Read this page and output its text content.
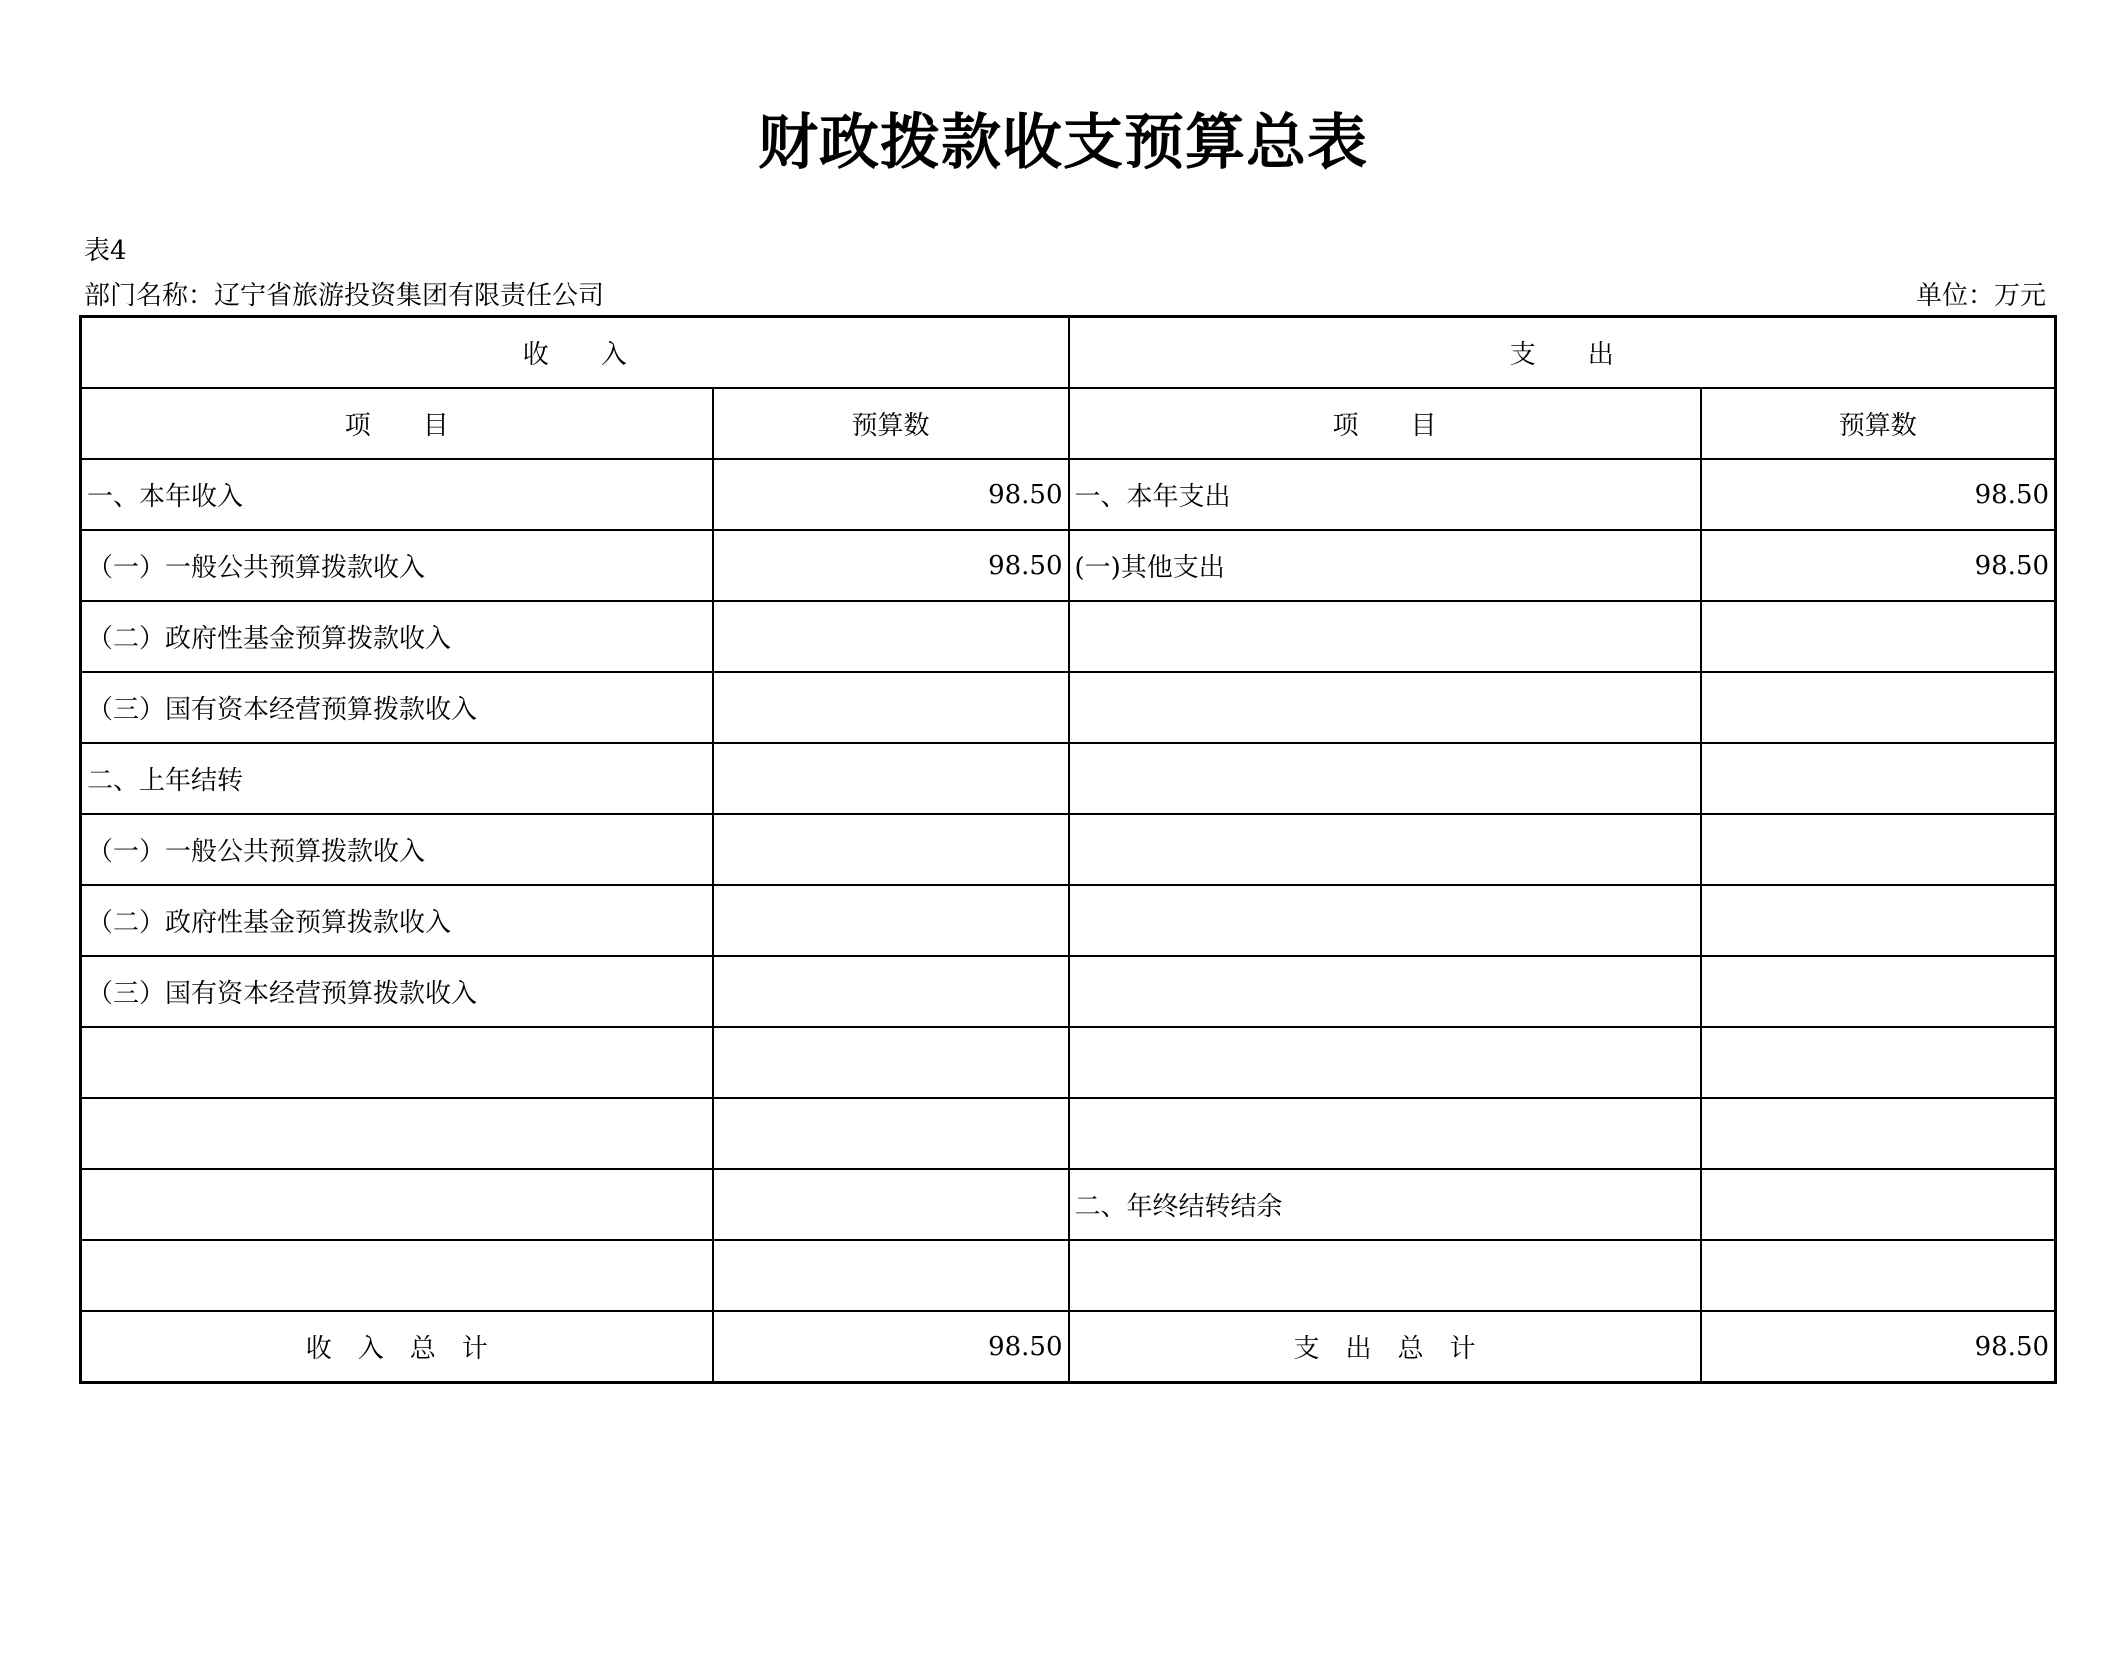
财政拨款收支预算总表
表4
部门名称：辽宁省旅游投资集团有限责任公司	单位：万元
收　　入		支　　出	
项　　目	预算数	项　　目	预算数
一、本年收入	98.50	一、本年支出	98.50
（一）一般公共预算拨款收入	98.50	(一)其他支出	98.50
（二）政府性基金预算拨款收入			
（三）国有资本经营预算拨款收入			
二、上年结转			
（一）一般公共预算拨款收入			
（二）政府性基金预算拨款收入			
（三）国有资本经营预算拨款收入			

		二、年终结转结余	

收　入　总　计	98.50	支　出　总　计	98.50
